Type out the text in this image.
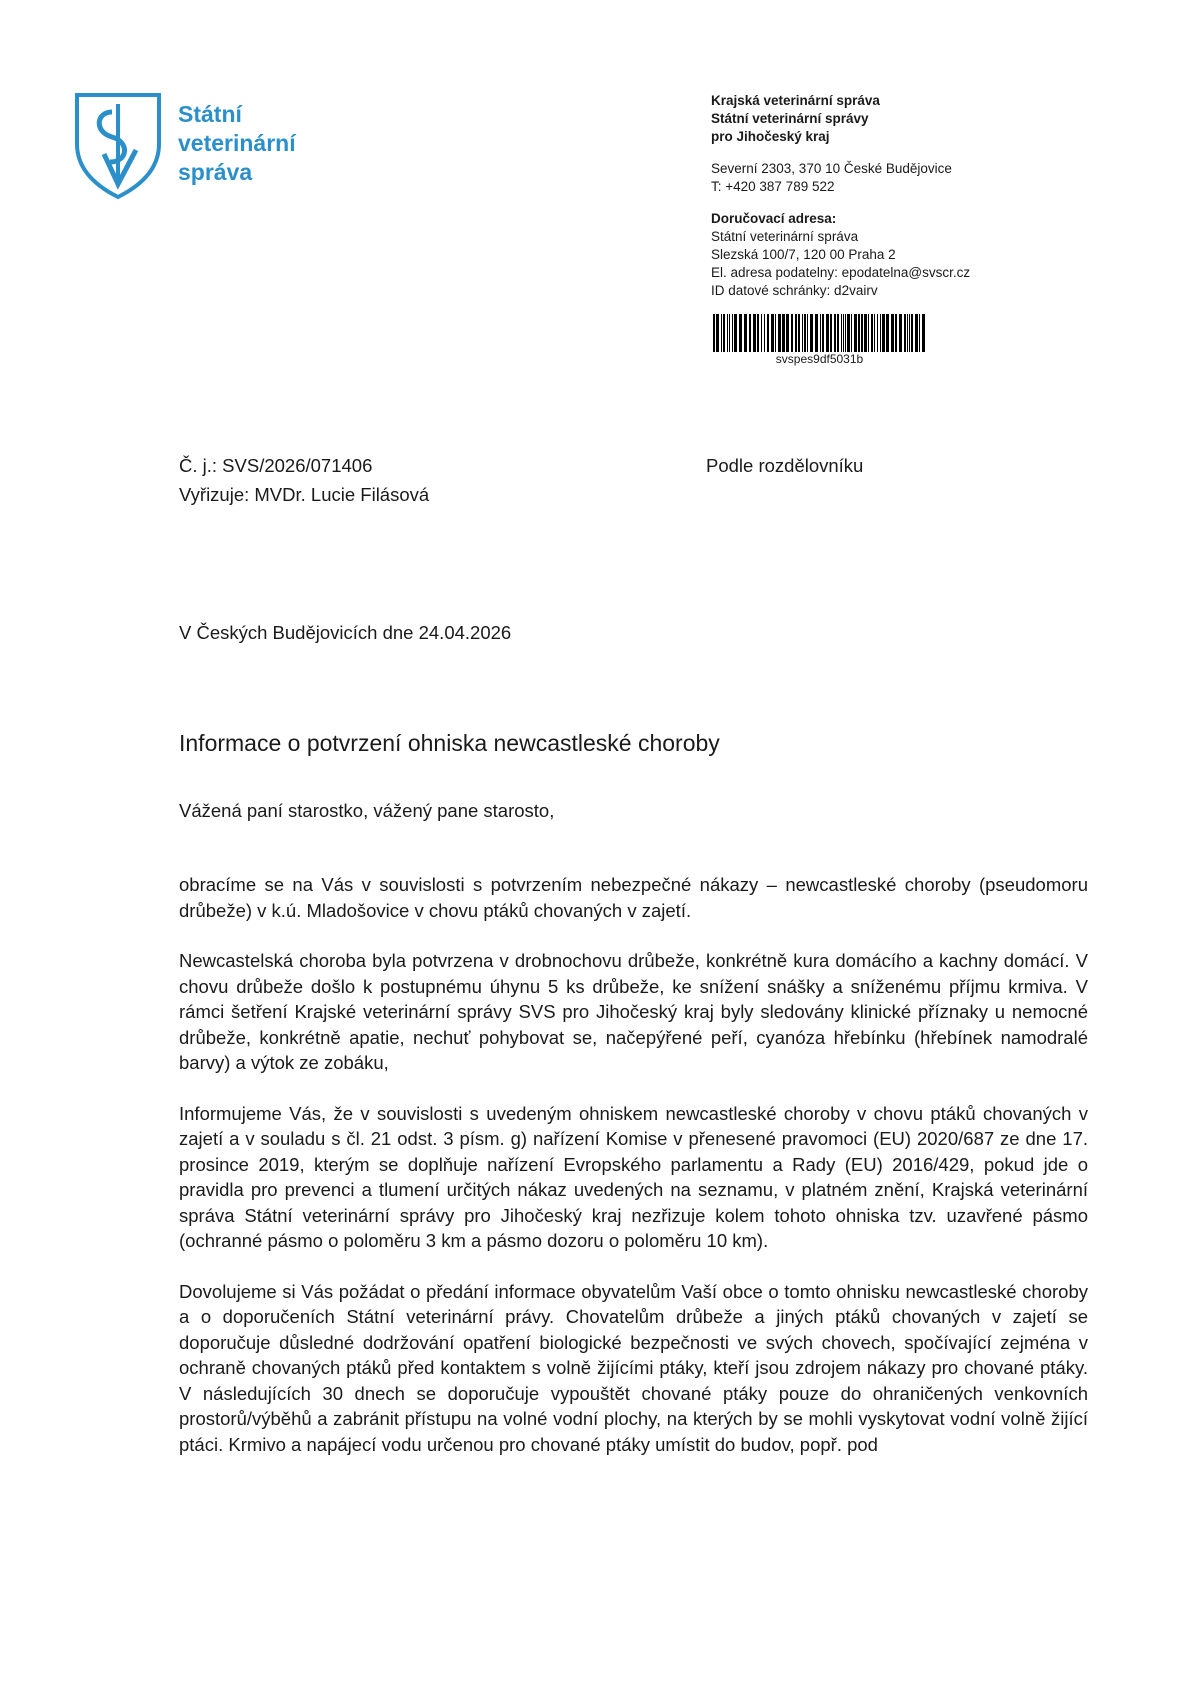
Státní
veterinární
správa
Krajská veterinární správa
Státní veterinární správy
pro Jihočeský kraj
Severní 2303, 370 10 České Budějovice
T: +420 387 789 522
Doručovací adresa:
Státní veterinární správa
Slezská 100/7, 120 00 Praha 2
El. adresa podatelny: epodatelna@svscr.cz
ID datové schránky: d2vairv
svspes9df5031b
Č. j.: SVS/2026/071406
Vyřizuje: MVDr. Lucie Filásová
Podle rozdělovníku
V Českých Budějovicích dne 24.04.2026
Informace o potvrzení ohniska newcastleské choroby
Vážená paní starostko, vážený pane starosto,

obracíme se na Vás v souvislosti s potvrzením nebezpečné nákazy – newcastleské choroby (pseudomoru drůbeže) v k.ú. Mladošovice v chovu ptáků chovaných v zajetí.

Newcastelská choroba byla potvrzena v drobnochovu drůbeže, konkrétně kura domácího a kachny domácí. V chovu drůbeže došlo k postupnému úhynu 5 ks drůbeže, ke snížení snášky a sníženému příjmu krmiva. V rámci šetření Krajské veterinární správy SVS pro Jihočeský kraj byly sledovány klinické příznaky u nemocné drůbeže, konkrétně apatie, nechuť pohybovat se, načepýřené peří, cyanóza hřebínku (hřebínek namodralé barvy) a výtok ze zobáku,

Informujeme Vás, že v souvislosti s uvedeným ohniskem newcastleské choroby v chovu ptáků chovaných v zajetí a v souladu s čl. 21 odst. 3 písm. g) nařízení Komise v přenesené pravomoci (EU) 2020/687 ze dne 17. prosince 2019, kterým se doplňuje nařízení Evropského parlamentu a Rady (EU) 2016/429, pokud jde o pravidla pro prevenci a tlumení určitých nákaz uvedených na seznamu, v platném znění, Krajská veterinární správa Státní veterinární správy pro Jihočeský kraj nezřizuje kolem tohoto ohniska tzv. uzavřené pásmo (ochranné pásmo o poloměru 3 km a pásmo dozoru o poloměru 10 km).

Dovolujeme si Vás požádat o předání informace obyvatelům Vaší obce o tomto ohnisku newcastleské choroby a o doporučeních Státní veterinární právy. Chovatelům drůbeže a jiných ptáků chovaných v zajetí se doporučuje důsledné dodržování opatření biologické bezpečnosti ve svých chovech, spočívající zejména v ochraně chovaných ptáků před kontaktem s volně žijícími ptáky, kteří jsou zdrojem nákazy pro chované ptáky. V následujících 30 dnech se doporučuje vypouštět chované ptáky pouze do ohraničených venkovních prostorů/výběhů a zabránit přístupu na volné vodní plochy, na kterých by se mohli vyskytovat vodní volně žijící ptáci. Krmivo a napájecí vodu určenou pro chované ptáky umístit do budov, popř. pod
